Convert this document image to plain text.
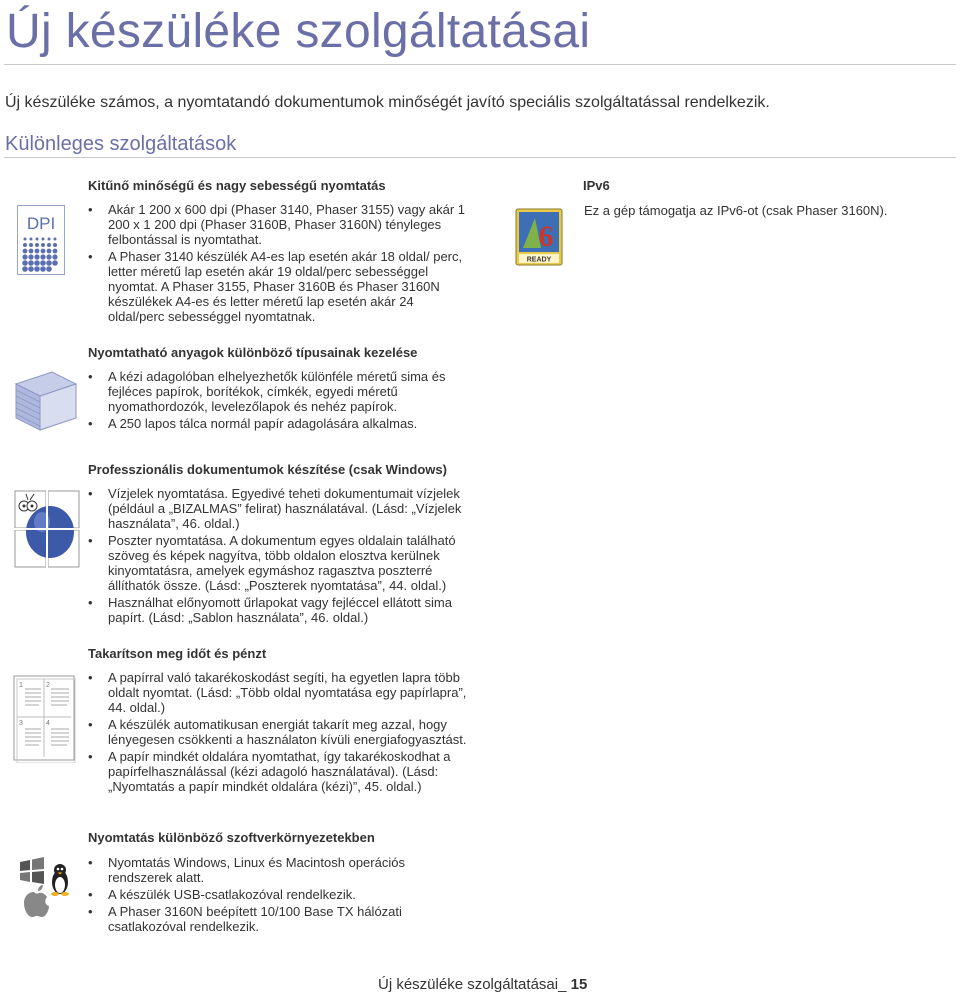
Új készüléke szolgáltatásai
Új készüléke számos, a nyomtatandó dokumentumok minőségét javító speciális szolgáltatással rendelkezik.
Különleges szolgáltatások
Kitűnő minőségű és nagy sebességű nyomtatás
DPI
• Akár 1 200 x 600 dpi (Phaser 3140, Phaser 3155) vagy akár 1 200 x 1 200 dpi (Phaser 3160B, Phaser 3160N) tényleges felbontással is nyomtathat.
• A Phaser 3140 készülék A4-es lap esetén akár 18 oldal/ perc, letter méretű lap esetén akár 19 oldal/perc sebességgel nyomtat. A Phaser 3155, Phaser 3160B és Phaser 3160N készülékek A4-es és letter méretű lap esetén akár 24 oldal/perc sebességgel nyomtatnak.
IPv6
6
READY
Ez a gép támogatja az IPv6-ot (csak Phaser 3160N).
Nyomtatható anyagok különböző típusainak kezelése
• A kézi adagolóban elhelyezhetők különféle méretű sima és fejléces papírok, borítékok, címkék, egyedi méretű nyomathordozók, levelezőlapok és nehéz papírok.
• A 250 lapos tálca normál papír adagolására alkalmas.
Professzionális dokumentumok készítése (csak Windows)
• Vízjelek nyomtatása. Egyedivé teheti dokumentumait vízjelek (például a „BIZALMAS” felirat) használatával. (Lásd: „Vízjelek használata”, 46. oldal.)
• Poszter nyomtatása. A dokumentum egyes oldalain található szöveg és képek nagyítva, több oldalon elosztva kerülnek kinyomtatásra, amelyek egymáshoz ragasztva poszterré állíthatók össze. (Lásd: „Poszterek nyomtatása”, 44. oldal.)
• Használhat előnyomott űrlapokat vagy fejléccel ellátott sima papírt. (Lásd: „Sablon használata”, 46. oldal.)
Takarítson meg időt és pénzt
1	2
3	4
• A papírral való takarékoskodást segíti, ha egyetlen lapra több oldalt nyomtat. (Lásd: „Több oldal nyomtatása egy papírlapra”, 44. oldal.)
• A készülék automatikusan energiát takarít meg azzal, hogy lényegesen csökkenti a használaton kívüli energiafogyasztást.
• A papír mindkét oldalára nyomtathat, így takarékoskodhat a papírfelhasználással (kézi adagoló használatával). (Lásd: „Nyomtatás a papír mindkét oldalára (kézi)”, 45. oldal.)
Nyomtatás különböző szoftverkörnyezetekben
• Nyomtatás Windows, Linux és Macintosh operációs rendszerek alatt.
• A készülék USB-csatlakozóval rendelkezik.
• A Phaser 3160N beépített 10/100 Base TX hálózati csatlakozóval rendelkezik.
Új készüléke szolgáltatásai_ 15
